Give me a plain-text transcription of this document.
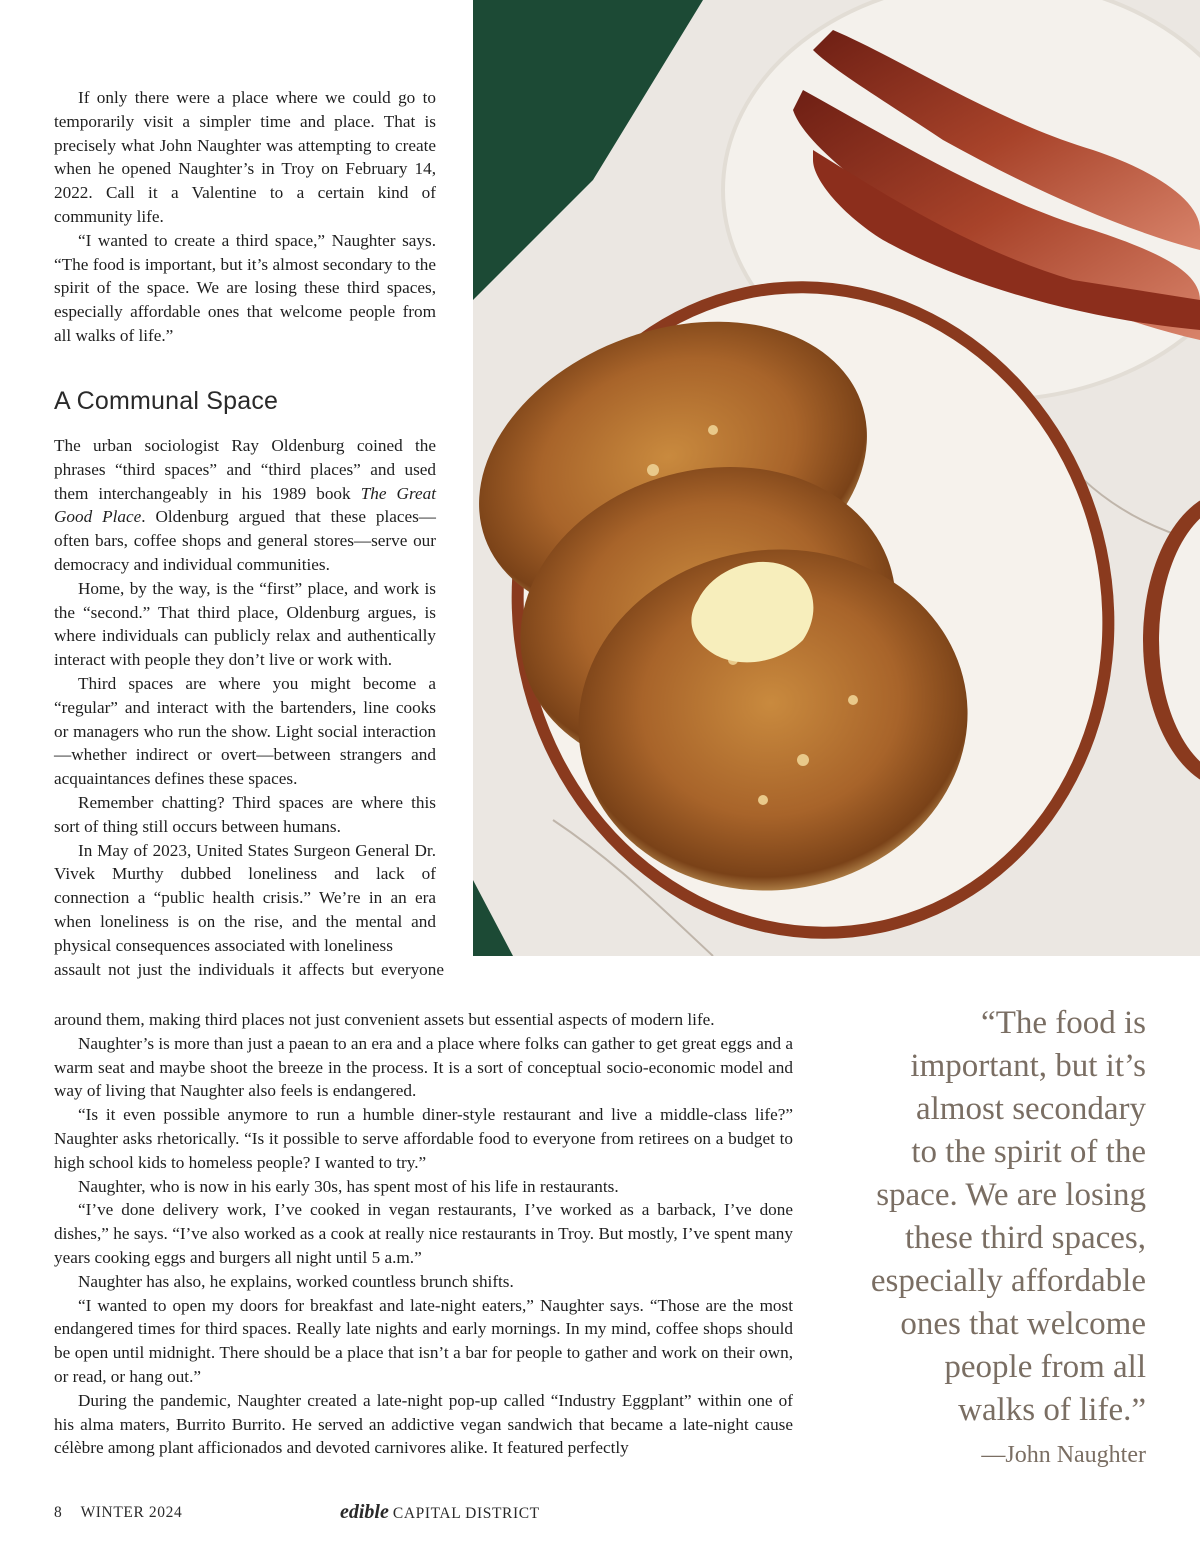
If only there were a place where we could go to temporarily visit a simpler time and place. That is precisely what John Naughter was attempting to create when he opened Naughter’s in Troy on February 14, 2022. Call it a Valentine to a certain kind of community life.

“I wanted to create a third space,” Naughter says. “The food is important, but it’s almost secondary to the spirit of the space. We are losing these third spaces, especially affordable ones that welcome people from all walks of life.”

A Communal Space

The urban sociologist Ray Oldenburg coined the phrases “third spaces” and “third places” and used them interchangeably in his 1989 book The Great Good Place. Oldenburg argued that these places—often bars, coffee shops and general stores—serve our democracy and individual communities.

Home, by the way, is the “first” place, and work is the “second.” That third place, Oldenburg argues, is where individuals can publicly relax and authentically interact with people they don’t live or work with.

Third spaces are where you might become a “regular” and interact with the bartenders, line cooks or managers who run the show. Light social interaction—whether indirect or overt—between strangers and acquaintances defines these spaces.

Remember chatting? Third spaces are where this sort of thing still occurs between humans.

In May of 2023, United States Surgeon General Dr. Vivek Murthy dubbed loneliness and lack of connection a “public health crisis.” We’re in an era when loneliness is on the rise, and the mental and physical consequences associated with loneliness

assault not just the individuals it affects but everyone

around them, making third places not just convenient assets but essential aspects of modern life.

Naughter’s is more than just a paean to an era and a place where folks can gather to get great eggs and a warm seat and maybe shoot the breeze in the process. It is a sort of conceptual socio-economic model and way of living that Naughter also feels is endangered.

“Is it even possible anymore to run a humble diner-style restaurant and live a middle-class life?” Naughter asks rhetorically. “Is it possible to serve affordable food to everyone from retirees on a budget to high school kids to homeless people? I wanted to try.”

Naughter, who is now in his early 30s, has spent most of his life in restaurants.

“I’ve done delivery work, I’ve cooked in vegan restaurants, I’ve worked as a barback, I’ve done dishes,” he says. “I’ve also worked as a cook at really nice restaurants in Troy. But mostly, I’ve spent many years cooking eggs and burgers all night until 5 a.m.”

Naughter has also, he explains, worked countless brunch shifts.

“I wanted to open my doors for breakfast and late-night eaters,” Naughter says. “Those are the most endangered times for third spaces. Really late nights and early mornings. In my mind, coffee shops should be open until midnight. There should be a place that isn’t a bar for people to gather and work on their own, or read, or hang out.”

During the pandemic, Naughter created a late-night pop-up called “Industry Eggplant” within one of his alma maters, Burrito Burrito. He served an addictive vegan sandwich that became a late-night cause célèbre among plant afficionados and devoted carnivores alike. It featured perfectly

“The food is
important, but it’s
almost secondary
to the spirit of the
space. We are losing
these third spaces,
especially affordable
ones that welcome
people from all
walks of life.”
—John Naughter
8 WINTER 2024	edible CAPITAL DISTRICT
